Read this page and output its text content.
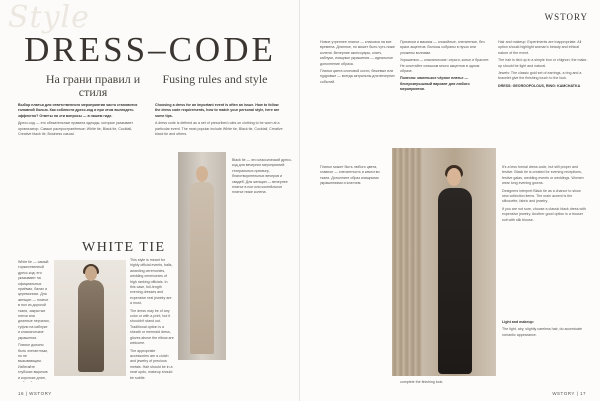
Style
DRESS–CODE
На грани правил и стиля
Fusing rules and style

Выбор платья для ответственного мероприятия часто становится головной болью. Как соблюсти дресс-код и при этом выглядеть эффектно? Ответы на эти вопросы — в нашем гиде.

Дресс-код — это обязательные правила одежды, которые указывает организатор. Самые распространённые: White tie, Black tie, Cocktail, Creative black tie, Business casual.

Choosing a dress for an important event is often an issue. How to follow the dress code requirements, how to match your personal style, here are some tips.

A dress code is defined as a set of prescribed rules on clothing to be worn at a particular event. The most popular include White tie, Black tie, Cocktail, Creative black tie and others.

WHITE TIE

White tie — самый торжественный дресс-код: его указывают на официальных приёмах, балах и церемониях. Для женщин — платье в пол из дорогой ткани, закрытые плечи или длинные перчатки, туфли на каблуке и классические украшения.

Платье должно быть элегантным, но не вызывающим. Избегайте глубоких вырезов и коротких длин,

This style is meant for highly official events, balls, awarding ceremonies, wedding ceremonies of high ranking officials. In this case, full-length evening dresses and expensive real jewelry are a must.

The dress may be of any color or with a print, but it shouldn't stand out. Traditional option is a sheath or mermaid dress, gloves above the elbow are welcome.

The appropriate accessories are a clutch and jewelry of precious metals. Hair should be in a neat updo, makeup should be subtle.

Black tie — это классический дресс-код для вечерних мероприятий: театральных премьер, благотворительных вечеров и свадеб. Для женщин — вечернее платье в пол или коктейльное платье ниже колена.

16 | WSTORY
WSTORY

Новое утреннее платье — классика на все времена. Длинное, но может быть чуть ниже колена. Вечерние аксессуары, клатч, каблуки, изящные украшения — идеальное дополнение образа.

Платья цвета слоновой кости, бежевые или пудровые — всегда актуальны для вечерних событий.

Прически и макияж — спокойные, элегантные, без ярких акцентов. Волосы собраны в пучок или уложены волнами.

Украшения — классические: серьги, колье и браслет. Не сочетайте слишком много акцентов в одном образе.

Полезно: маленькое чёрное платье — беспроигрышный вариант для любого мероприятия.

Hair and makeup: Experiments are inappropriate. All option should highlight woman's beauty and ethical nature of the event.

The hair is tied up in a simple bun or chignon; the make-up should be light and natural.

Jewels: The classic gold set of earrings, a ring and a bracelet give the finishing touch to the look.

DRESS: GEORGOPOLOUS, RING: KAMCHATKA

Платье может быть любого цвета, главное — элегантность и качество ткани. Дополните образ изящными украшениями и клатчем.

It's a less formal dress code, but still proper and festive. Black tie is created for evening receptions, festive galas, wedding events or weddings. Women wear long evening gowns.

Designers interpret Black tie as a chance to show new collection items. The main accent is the silhouette, fabric and jewelry.

If you are not sure, choose a classic black dress with expensive jewelry. Another good option is a trouser suit with silk blouse.

complete the finishing look.

Light and makeup:

The light, airy, slightly careless hair, do accentuate romantic appearance.

WSTORY | 17
